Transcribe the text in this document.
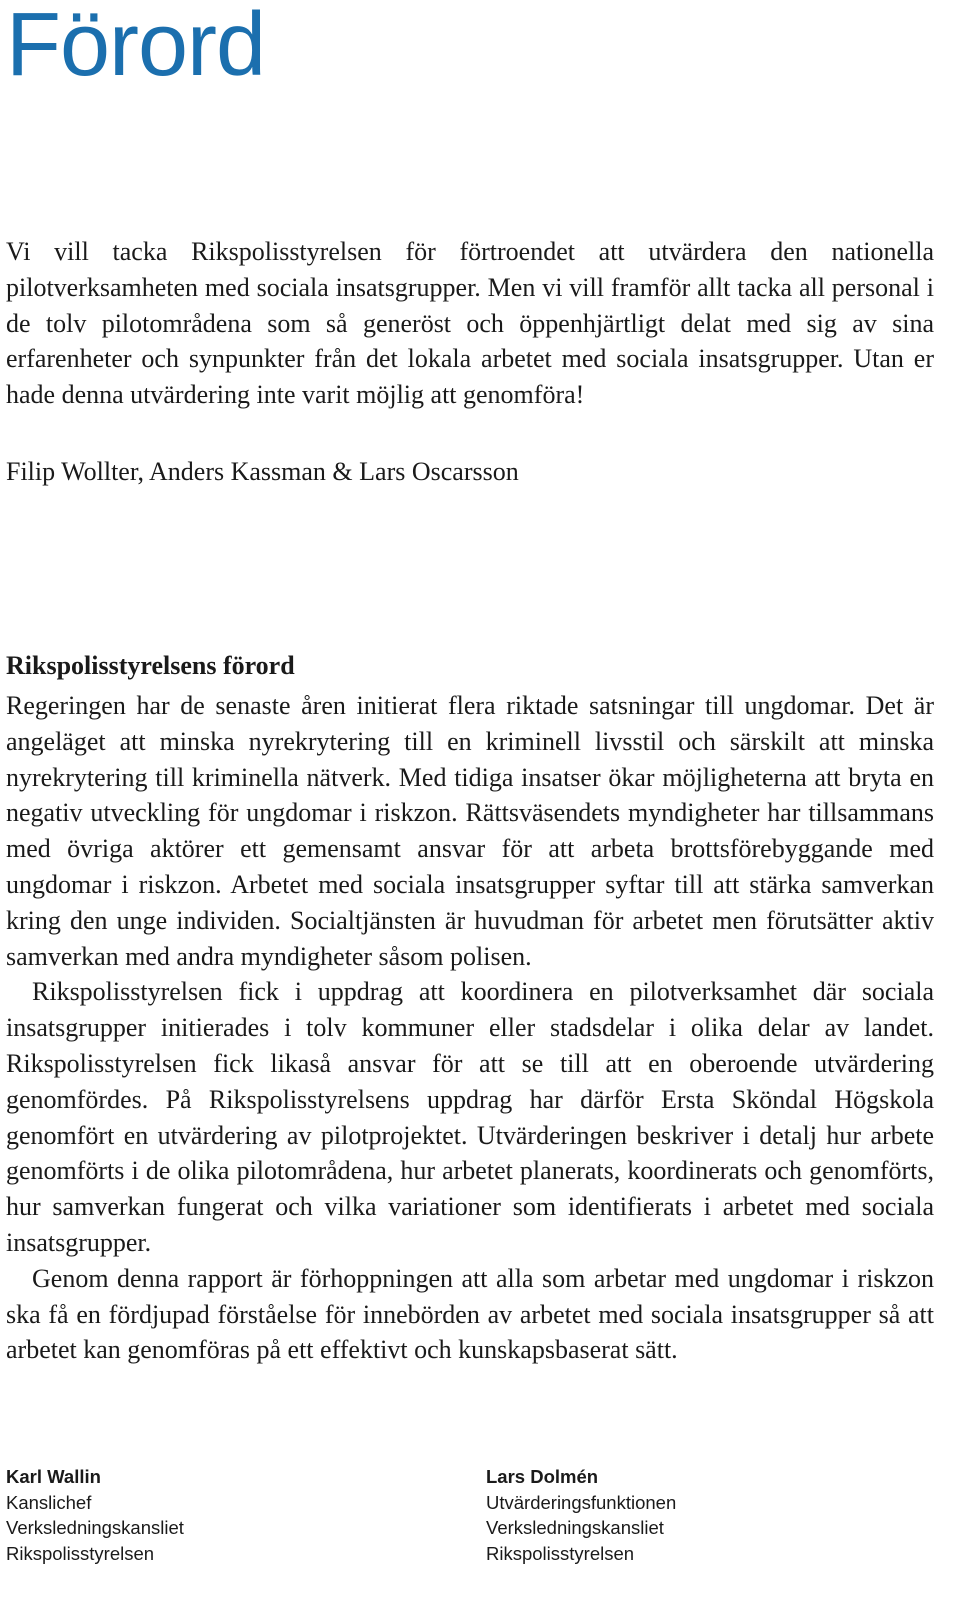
Förord

Vi vill tacka Rikspolisstyrelsen för förtroendet att utvärdera den nationella pilotverksamheten med sociala insatsgrupper. Men vi vill framför allt tacka all personal i de tolv pilotområdena som så generöst och öppenhjärtligt delat med sig av sina erfarenheter och synpunkter från det lokala arbetet med sociala insatsgrupper. Utan er hade denna utvärdering inte varit möjlig att genomföra!

Filip Wollter, Anders Kassman & Lars Oscarsson

Rikspolisstyrelsens förord

Regeringen har de senaste åren initierat flera riktade satsningar till ungdomar. Det är angeläget att minska nyrekrytering till en kriminell livsstil och särskilt att minska nyrekrytering till kriminella nätverk. Med tidiga insatser ökar möjligheterna att bryta en negativ utveckling för ungdomar i riskzon. Rättsväsendets myndigheter har tillsammans med övriga aktörer ett gemensamt ansvar för att arbeta brottsförebyggande med ungdomar i riskzon. Arbetet med sociala insatsgrupper syftar till att stärka samverkan kring den unge individen. Socialtjänsten är huvudman för arbetet men förutsätter aktiv samverkan med andra myndigheter såsom polisen.

Rikspolisstyrelsen fick i uppdrag att koordinera en pilotverksamhet där sociala insatsgrupper initierades i tolv kommuner eller stadsdelar i olika delar av landet. Rikspolisstyrelsen fick likaså ansvar för att se till att en oberoende utvärdering genomfördes. På Rikspolisstyrelsens uppdrag har därför Ersta Sköndal Högskola genomfört en utvärdering av pilotprojektet. Utvärderingen beskriver i detalj hur arbete genomförts i de olika pilotområdena, hur arbetet planerats, koordinerats och genomförts, hur samverkan fungerat och vilka variationer som identifierats i arbetet med sociala insatsgrupper.

Genom denna rapport är förhoppningen att alla som arbetar med ungdomar i riskzon ska få en fördjupad förståelse för innebörden av arbetet med sociala insatsgrupper så att arbetet kan genomföras på ett effektivt och kunskapsbaserat sätt.

Karl Wallin
Kanslichef
Verksledningskansliet
Rikspolisstyrelsen
Lars Dolmén
Utvärderingsfunktionen
Verksledningskansliet
Rikspolisstyrelsen
